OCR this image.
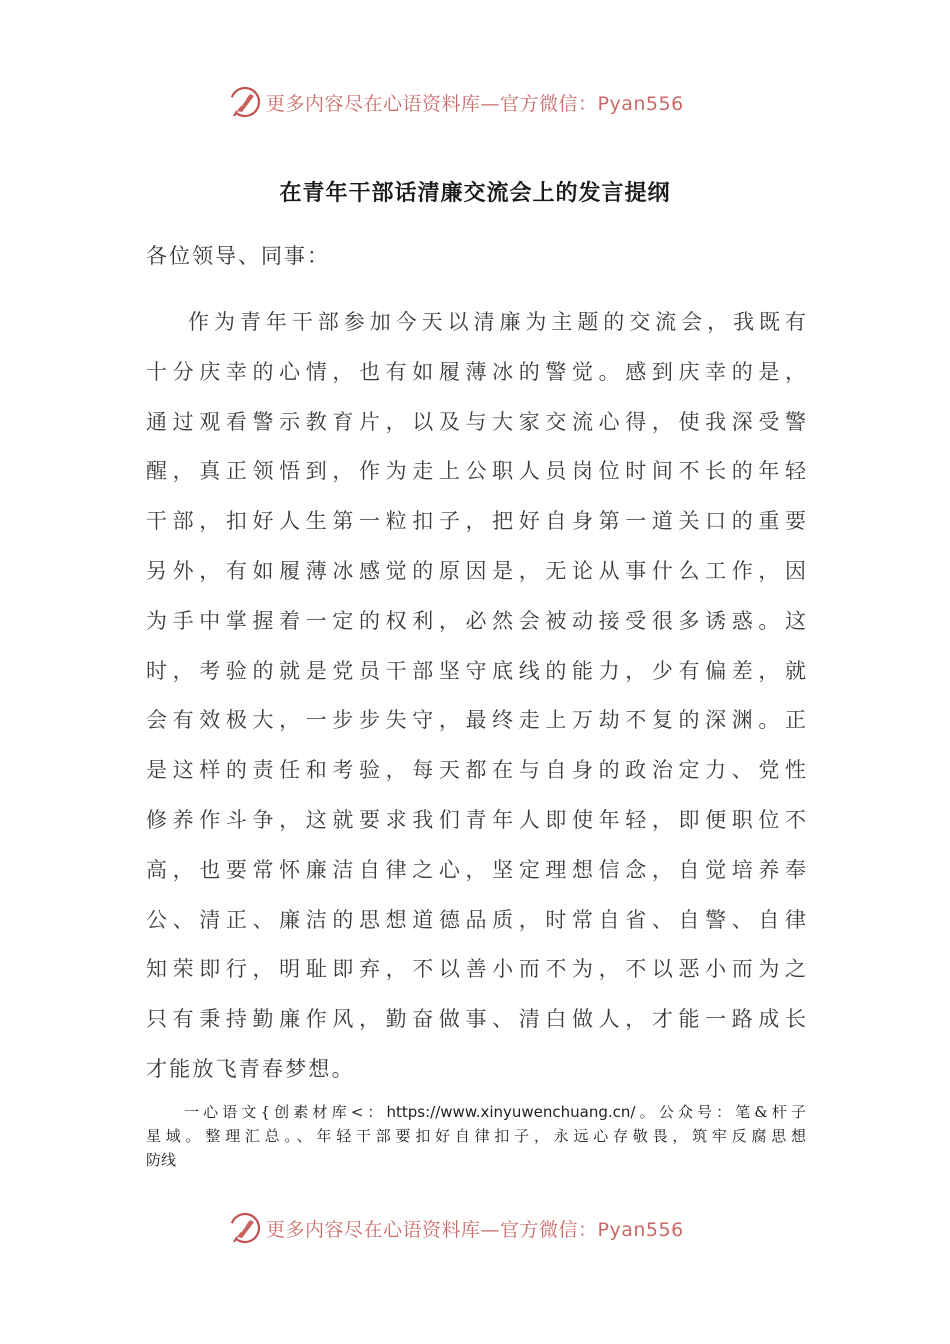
更多内容尽在心语资料库—官方微信：Pyan556
在青年干部话清廉交流会上的发言提纲
各位领导、同事：
作为青年干部参加今天以清廉为主题的交流会，我既有
十分庆幸的心情，也有如履薄冰的警觉。感到庆幸的是，
通过观看警示教育片，以及与大家交流心得，使我深受警
醒，真正领悟到，作为走上公职人员岗位时间不长的年轻
干部，扣好人生第一粒扣子，把好自身第一道关口的重要
另外，有如履薄冰感觉的原因是，无论从事什么工作，因
为手中掌握着一定的权利，必然会被动接受很多诱惑。这
时，考验的就是党员干部坚守底线的能力，少有偏差，就
会有效极大，一步步失守，最终走上万劫不复的深渊。正
是这样的责任和考验，每天都在与自身的政治定力、党性
修养作斗争，这就要求我们青年人即使年轻，即便职位不
高，也要常怀廉洁自律之心，坚定理想信念，自觉培养奉
公、清正、廉洁的思想道德品质，时常自省、自警、自律
知荣即行，明耻即弃，不以善小而不为，不以恶小而为之
只有秉持勤廉作风，勤奋做事、清白做人，才能一路成长
才能放飞青春梦想。
一心语文{创素材库<：https://www.xinyuwenchuang.cn/。公众号：笔&杆子
星域。整理汇总。、年轻干部要扣好自律扣子，永远心存敬畏，筑牢反腐思想
防线
更多内容尽在心语资料库—官方微信：Pyan556
